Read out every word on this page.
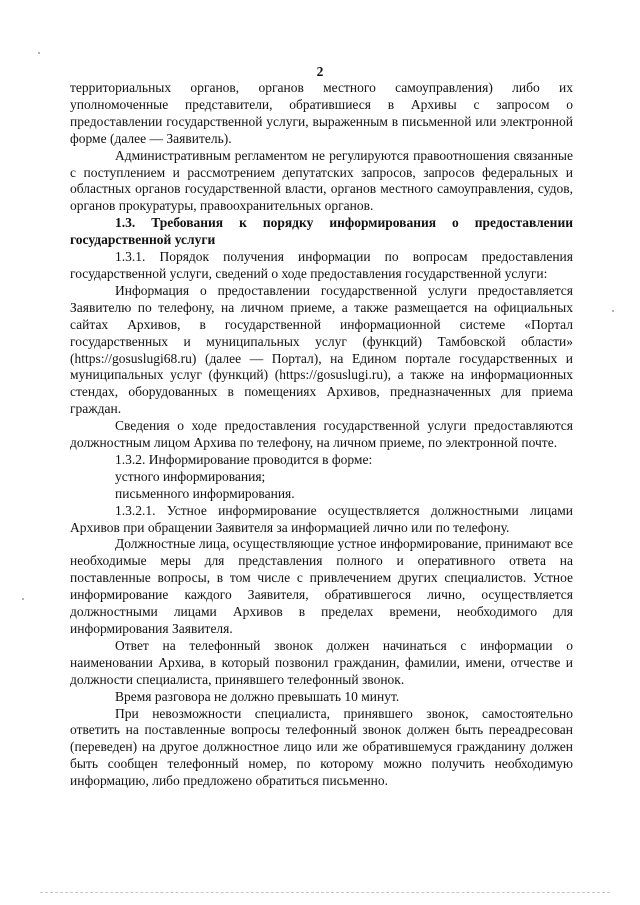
2

территориальных органов, органов местного самоуправления) либо их уполномоченные представители, обратившиеся в Архивы с запросом о предоставлении государственной услуги, выраженным в письменной или электронной форме (далее — Заявитель).

Административным регламентом не регулируются правоотношения связанные с поступлением и рассмотрением депутатских запросов, запросов федеральных и областных органов государственной власти, органов местного самоуправления, судов, органов прокуратуры, правоохранительных органов.

1.3. Требования к порядку информирования о предоставлении государственной услуги

1.3.1. Порядок получения информации по вопросам предоставления государственной услуги, сведений о ходе предоставления государственной услуги:

Информация о предоставлении государственной услуги предоставляется Заявителю по телефону, на личном приеме, а также размещается на официальных сайтах Архивов, в государственной информационной системе «Портал государственных и муниципальных услуг (функций) Тамбовской области» (https://gosuslugi68.ru) (далее — Портал), на Едином портале государственных и муниципальных услуг (функций) (https://gosuslugi.ru), а также на информационных стендах, оборудованных в помещениях Архивов, предназначенных для приема граждан.

Сведения о ходе предоставления государственной услуги предоставляются должностным лицом Архива по телефону, на личном приеме, по электронной почте.

1.3.2. Информирование проводится в форме:

устного информирования;

письменного информирования.

1.3.2.1. Устное информирование осуществляется должностными лицами Архивов при обращении Заявителя за информацией лично или по телефону.

Должностные лица, осуществляющие устное информирование, принимают все необходимые меры для представления полного и оперативного ответа на поставленные вопросы, в том числе с привлечением других специалистов. Устное информирование каждого Заявителя, обратившегося лично, осуществляется должностными лицами Архивов в пределах времени, необходимого для информирования Заявителя.

Ответ на телефонный звонок должен начинаться с информации о наименовании Архива, в который позвонил гражданин, фамилии, имени, отчестве и должности специалиста, принявшего телефонный звонок.

Время разговора не должно превышать 10 минут.

При невозможности специалиста, принявшего звонок, самостоятельно ответить на поставленные вопросы телефонный звонок должен быть переадресован (переведен) на другое должностное лицо или же обратившемуся гражданину должен быть сообщен телефонный номер, по которому можно получить необходимую информацию, либо предложено обратиться письменно.
